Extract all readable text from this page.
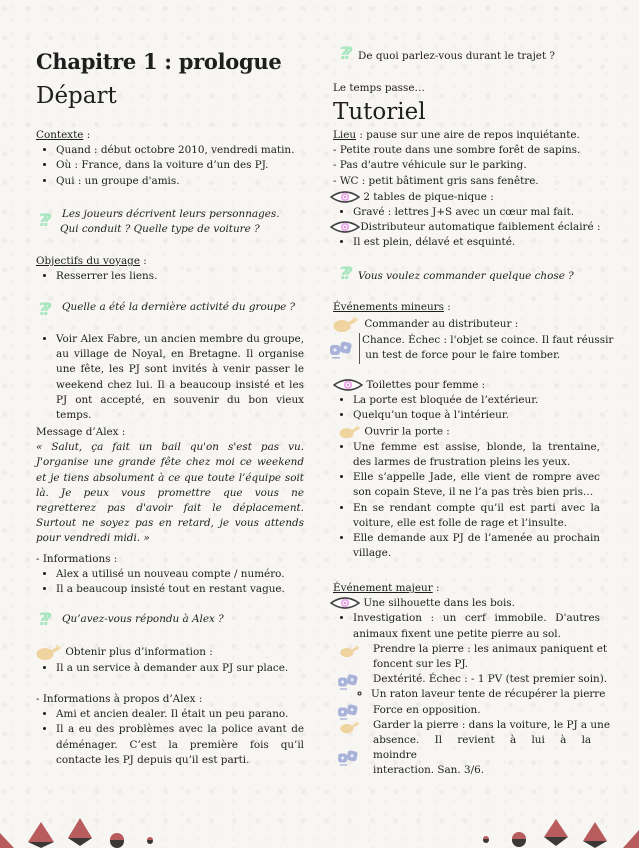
Chapitre 1 : prologue
Départ
Contexte :
• Quand : début octobre 2010, vendredi matin.
• Où : France, dans la voiture d’un des PJ.
• Qui : un groupe d'amis.
??	Les joueurs décrivent leurs personnages.
Qui conduit ? Quelle type de voiture ?
Objectifs du voyage :
• Resserrer les liens.
??	Quelle a été la dernière activité du groupe ?
• Voir Alex Fabre, un ancien membre du groupe, au village de Noyal, en Bretagne. Il organise une fête, les PJ sont invités à venir passer le weekend chez lui. Il a beaucoup insisté et les PJ ont accepté, en souvenir du bon vieux temps.
Message d’Alex :
« Salut, ça fait un bail qu'on s'est pas vu. J'organise une grande fête chez moi ce weekend et je tiens absolument à ce que toute l’équipe soit là. Je peux vous promettre que vous ne regretterez pas d'avoir fait le déplacement. Surtout ne soyez pas en retard, je vous attends pour vendredi midi. »
- Informations :
• Alex a utilisé un nouveau compte / numéro.
• Il a beaucoup insisté tout en restant vague.
??	Qu’avez-vous répondu à Alex ?
Obtenir plus d’information :
• Il a un service à demander aux PJ sur place.
- Informations à propos d’Alex :
• Ami et ancien dealer. Il était un peu parano.
• Il a eu des problèmes avec la police avant de déménager. C’est la première fois qu’il contacte les PJ depuis qu’il est parti.
?? De quoi parlez-vous durant le trajet ?
Le temps passe…
Tutoriel
Lieu : pause sur une aire de repos inquiétante.
- Petite route dans une sombre forêt de sapins.
- Pas d'autre véhicule sur le parking.
- WC : petit bâtiment gris sans fenêtre.
2 tables de pique-nique :
• Gravé : lettres J+S avec un cœur mal fait.
Distributeur automatique faiblement éclairé :
• Il est plein, délavé et esquinté.
?? Vous voulez commander quelque chose ?
Événements mineurs :
Commander au distributeur :
Chance. Échec : l'objet se coince. Il faut réussir
un test de force pour le faire tomber.
Toilettes pour femme :
• La porte est bloquée de l’extérieur.
• Quelqu’un toque à l’intérieur.
Ouvrir la porte :
• Une femme est assise, blonde, la trentaine, des larmes de frustration pleins les yeux.
• Elle s’appelle Jade, elle vient de rompre avec son copain Steve, il ne l’a pas très bien pris…
• En se rendant compte qu’il est parti avec la voiture, elle est folle de rage et l’insulte.
• Elle demande aux PJ de l’amenée au prochain village.
Événement majeur :
Une silhouette dans les bois.
• Investigation : un cerf immobile. D'autres animaux fixent une petite pierre au sol.
Prendre la pierre : les animaux paniquent et
foncent sur les PJ.
Dextérité. Échec : - 1 PV (test premier soin).
◦ Un raton laveur tente de récupérer la pierre
Force en opposition.
Garder la pierre : dans la voiture, le PJ a une
absence. Il revient à lui à la moindre
interaction. San. 3/6.
